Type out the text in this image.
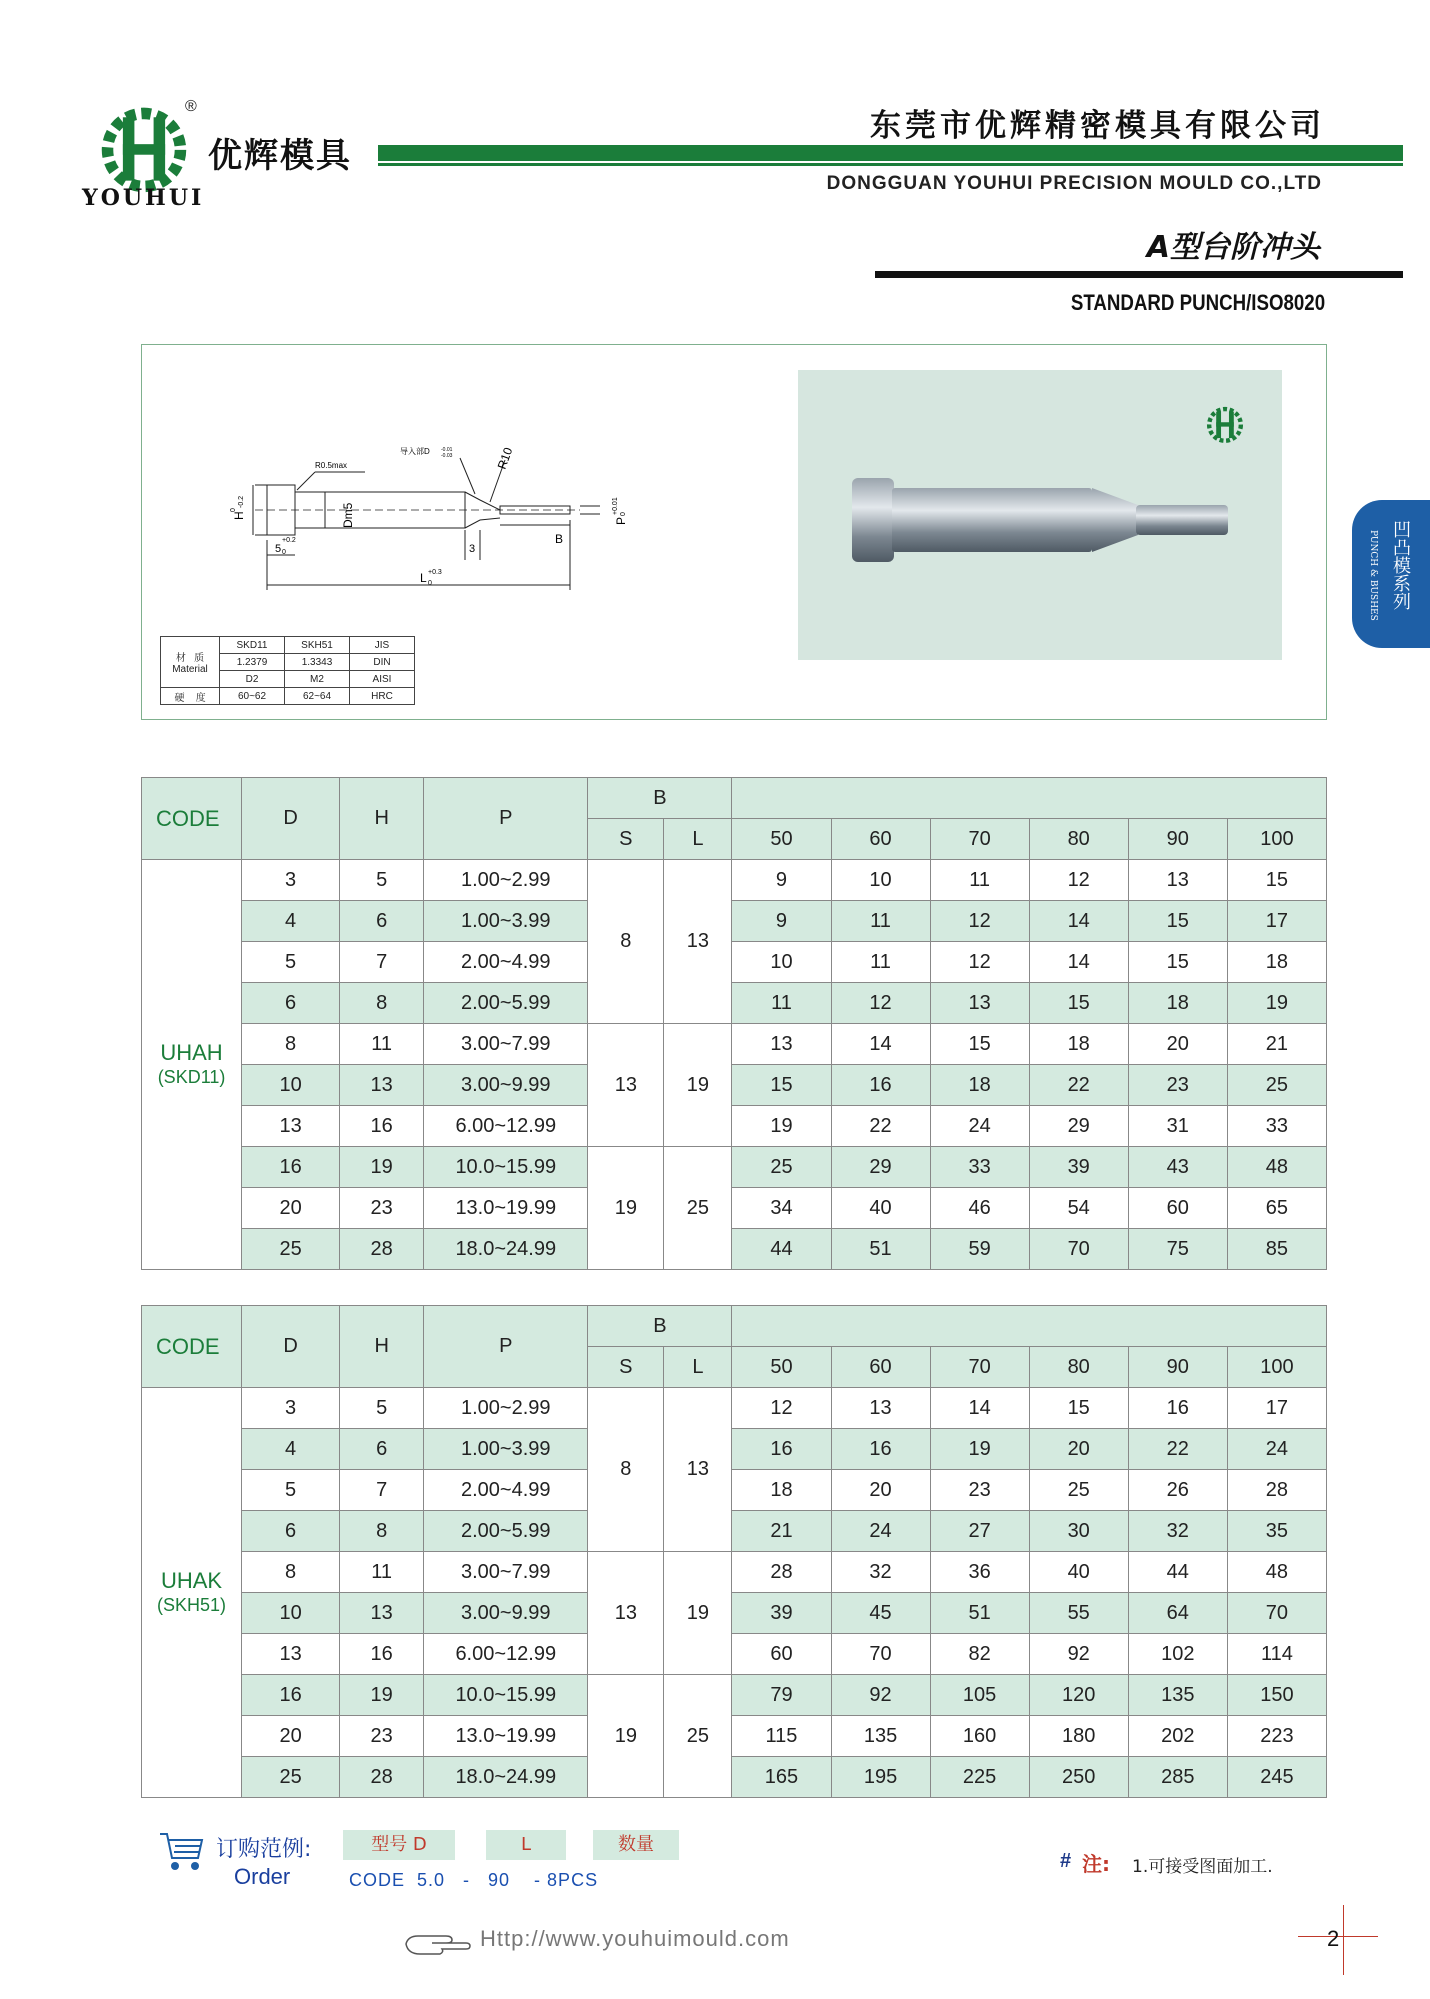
®
优辉模具
YOUHUI
东莞市优辉精密模具有限公司
DONGGUAN YOUHUI PRECISION MOULD CO.,LTD
A型台阶冲头
STANDARD PUNCH/ISO8020
凹凸模系列
PUNCH & BUSHES
R0.5max
导入部D -0.01
-0.03	R10
H
0
-0.2
Dm5	P
+0.01 0
5
+0.2
0	3
B
L +0.3
0
材 质
Material	SKD11	SKH51	JIS
	1.2379	1.3343	DIN
	D2	M2	AISI
硬 度	60~62	62~64	HRC
CODE	D	H	P	B							
				S	L	50	60	70	80	90	100
UHAH
(SKD11)	3	5	1.00~2.99	8	13	9	10	11	12	13	15
	4	6	1.00~3.99			9	11	12	14	15	17
	5	7	2.00~4.99			10	11	12	14	15	18
	6	8	2.00~5.99			11	12	13	15	18	19
	8	11	3.00~7.99	13	19	13	14	15	18	20	21
	10	13	3.00~9.99			15	16	18	22	23	25
	13	16	6.00~12.99			19	22	24	29	31	33
	16	19	10.0~15.99	19	25	25	29	33	39	43	48
	20	23	13.0~19.99			34	40	46	54	60	65
	25	28	18.0~24.99			44	51	59	70	75	85
CODE	D	H	P	B							
				S	L	50	60	70	80	90	100
UHAK
(SKH51)	3	5	1.00~2.99	8	13	12	13	14	15	16	17
	4	6	1.00~3.99			16	16	19	20	22	24
	5	7	2.00~4.99			18	20	23	25	26	28
	6	8	2.00~5.99			21	24	27	30	32	35
	8	11	3.00~7.99	13	19	28	32	36	40	44	48
	10	13	3.00~9.99			39	45	51	55	64	70
	13	16	6.00~12.99			60	70	82	92	102	114
	16	19	10.0~15.99	19	25	79	92	105	120	135	150
	20	23	13.0~19.99			115	135	160	180	202	223
	25	28	18.0~24.99			165	195	225	250	285	245
订购范例:
Order
型号 D	L	数量
CODE  5.0   -   90    - 8PCS
# 注: 1.可接受图面加工.
Http://www.youhuimould.com	2
